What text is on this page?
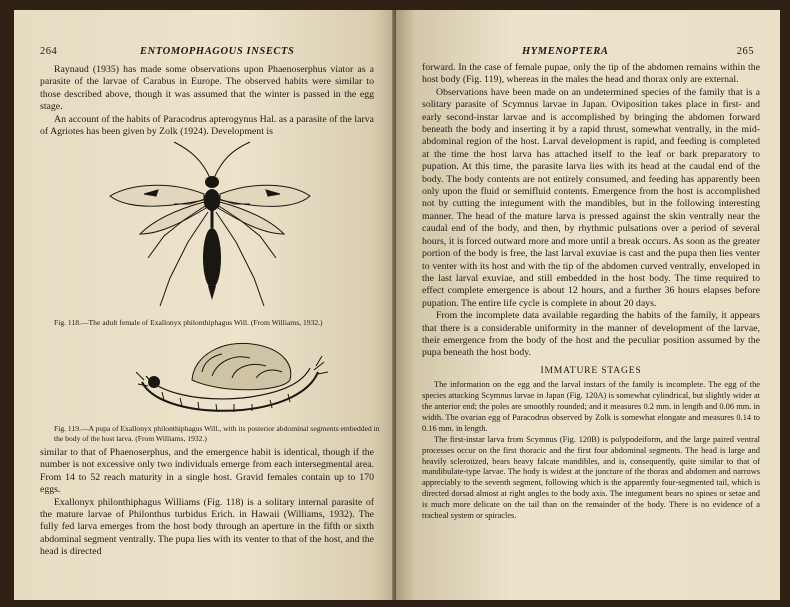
264	ENTOMOPHAGOUS INSECTS

Raynaud (1935) has made some observations upon Phaenoserphus viator as a parasite of the larvae of Carabus in Europe. The observed habits were similar to those described above, though it was assumed that the winter is passed in the egg stage.

An account of the habits of Paracodrus apterogynus Hal. as a parasite of the larva of Agriotes has been given by Zolk (1924). Development is

Fig. 118.—The adult female of Exallonyx philonthiphagus Will. (From Williams, 1932.)
Fig. 119.—A pupa of Exallonyx philonthiphagus Will., with its posterior abdominal segments embedded in the body of the host larva. (From Williams, 1932.)

similar to that of Phaenoserphus, and the emergence habit is identical, though if the number is not excessive only two individuals emerge from each intersegmental area. From 14 to 52 reach maturity in a single host. Gravid females contain up to 170 eggs.

Exallonyx philonthiphagus Williams (Fig. 118) is a solitary internal parasite of the mature larvae of Philonthus turbidus Erich. in Hawaii (Williams, 1932). The fully fed larva emerges from the host body through an aperture in the fifth or sixth abdominal segment ventrally. The pupa lies with its venter to that of the host, and the head is directed

HYMENOPTERA	265

forward. In the case of female pupae, only the tip of the abdomen remains within the host body (Fig. 119), whereas in the males the head and thorax only are external.

Observations have been made on an undetermined species of the family that is a solitary parasite of Scymnus larvae in Japan. Oviposition takes place in first- and early second-instar larvae and is accomplished by bringing the abdomen forward beneath the body and inserting it by a rapid thrust, somewhat ventrally, in the mid-abdominal region of the host. Larval development is rapid, and feeding is completed at the time the host larva has attached itself to the leaf or bark preparatory to pupation. At this time, the parasite larva lies with its head at the caudal end of the body. The body contents are not entirely consumed, and feeding has apparently been only upon the fluid or semifluid contents. Emergence from the host is accomplished not by cutting the integument with the mandibles, but in the following interesting manner. The head of the mature larva is pressed against the skin ventrally near the caudal end of the body, and then, by rhythmic pulsations over a period of several hours, it is forced outward more and more until a break occurs. As soon as the greater portion of the body is free, the last larval exuviae is cast and the pupa then lies venter to venter with its host and with the tip of the abdomen curved ventrally, enveloped in the last larval exuviae, and still embedded in the host body. The time required to effect complete emergence is about 12 hours, and a further 36 hours elapses before pupation. The entire life cycle is complete in about 20 days.

From the incomplete data available regarding the habits of the family, it appears that there is a considerable uniformity in the manner of development of the larvae, their emergence from the body of the host and the peculiar position assumed by the pupa beneath the host body.

IMMATURE STAGES

The information on the egg and the larval instars of the family is incomplete. The egg of the species attacking Scymnus larvae in Japan (Fig. 120A) is somewhat cylindrical, but slightly wider at the anterior end; the poles are smoothly rounded; and it measures 0.2 mm. in length and 0.06 mm. in width. The ovarian egg of Paracodrus observed by Zolk is somewhat elongate and measures 0.14 to 0.16 mm. in length.

The first-instar larva from Scymnus (Fig. 120B) is polypodeiform, and the large paired ventral processes occur on the first thoracic and the first four abdominal segments. The head is large and heavily sclerotized, bears heavy falcate mandibles, and is, consequently, quite similar to that of mandibulate-type larvae. The body is widest at the juncture of the thorax and abdomen and narrows appreciably to the seventh segment, following which is the apparently four-segmented tail, which is directed dorsad almost at right angles to the body axis. The integument bears no spines or setae and is much more delicate on the tail than on the remainder of the body. There is no evidence of a tracheal system or spiracles.
